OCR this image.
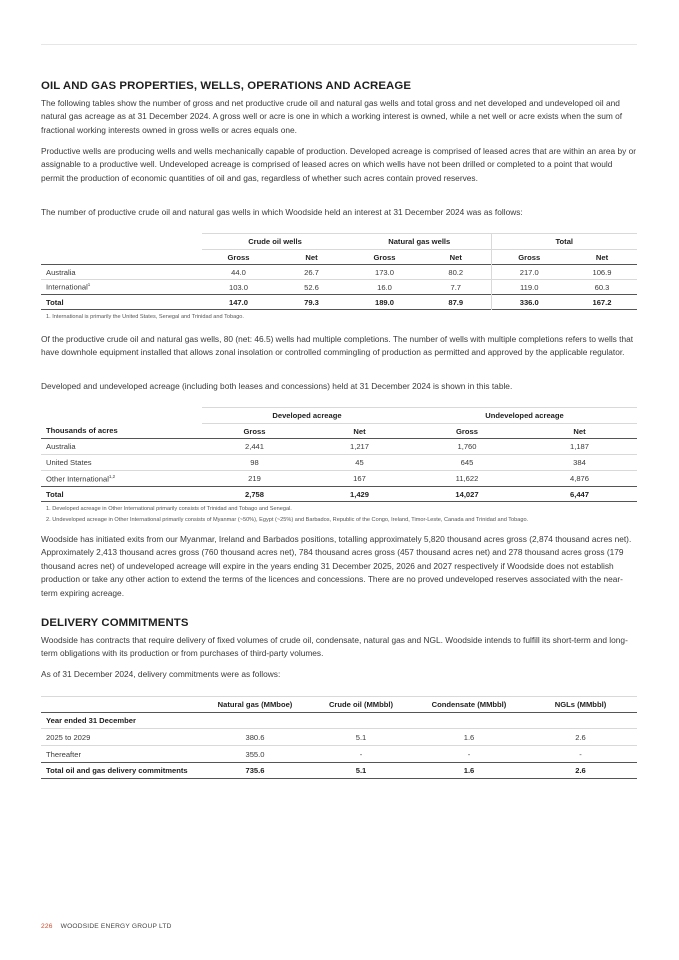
OIL AND GAS PROPERTIES, WELLS, OPERATIONS AND ACREAGE

The following tables show the number of gross and net productive crude oil and natural gas wells and total gross and net developed and undeveloped oil and natural gas acreage as at 31 December 2024. A gross well or acre is one in which a working interest is owned, while a net well or acre exists when the sum of fractional working interests owned in gross wells or acres equals one.

Productive wells are producing wells and wells mechanically capable of production. Developed acreage is comprised of leased acres that are within an area by or assignable to a productive well. Undeveloped acreage is comprised of leased acres on which wells have not been drilled or completed to a point that would permit the production of economic quantities of oil and gas, regardless of whether such acres contain proved reserves.

The number of productive crude oil and natural gas wells in which Woodside held an interest at 31 December 2024 was as follows:

	Crude oil wells		Natural gas wells		Total	
	Gross	Net	Gross	Net	Gross	Net
Australia	44.0	26.7	173.0	80.2	217.0	106.9
International$^1$	103.0	52.6	16.0	7.7	119.0	60.3
Total	147.0	79.3	189.0	87.9	336.0	167.2
1. International is primarily the United States, Senegal and Trinidad and Tobago.

Of the productive crude oil and natural gas wells, 80 (net: 46.5) wells had multiple completions. The number of wells with multiple completions refers to wells that have downhole equipment installed that allows zonal insolation or controlled commingling of production as permitted and approved by the applicable regulator.

Developed and undeveloped acreage (including both leases and concessions) held at 31 December 2024 is shown in this table.

	Developed acreage		Undeveloped acreage	
Thousands of acres	Gross	Net	Gross	Net
Australia	2,441	1,217	1,760	1,187
United States	98	45	645	384
Other International$^{1,2}$	219	167	11,622	4,876
Total	2,758	1,429	14,027	6,447
1. Developed acreage in Other International primarily consists of Trinidad and Tobago and Senegal.
2. Undeveloped acreage in Other International primarily consists of Myanmar (~50%), Egypt (~25%) and Barbados, Republic of the Congo, Ireland, Timor-Leste, Canada and Trinidad and Tobago.

Woodside has initiated exits from our Myanmar, Ireland and Barbados positions, totalling approximately 5,820 thousand acres gross (2,874 thousand acres net). Approximately 2,413 thousand acres gross (760 thousand acres net), 784 thousand acres gross (457 thousand acres net) and 278 thousand acres gross (179 thousand acres net) of undeveloped acreage will expire in the years ending 31 December 2025, 2026 and 2027 respectively if Woodside does not establish production or take any other action to extend the terms of the licences and concessions. There are no proved undeveloped reserves associated with the near-term expiring acreage.

DELIVERY COMMITMENTS

Woodside has contracts that require delivery of fixed volumes of crude oil, condensate, natural gas and NGL. Woodside intends to fulfill its short-term and long-term obligations with its production or from purchases of third-party volumes.

As of 31 December 2024, delivery commitments were as follows:

	Natural gas (MMboe)	Crude oil (MMbbl)	Condensate (MMbbl)	NGLs (MMbbl)
Year ended 31 December				
2025 to 2029	380.6	5.1	1.6	2.6
Thereafter	355.0	-	-	-
Total oil and gas delivery commitments	735.6	5.1	1.6	2.6
226 WOODSIDE ENERGY GROUP LTD
